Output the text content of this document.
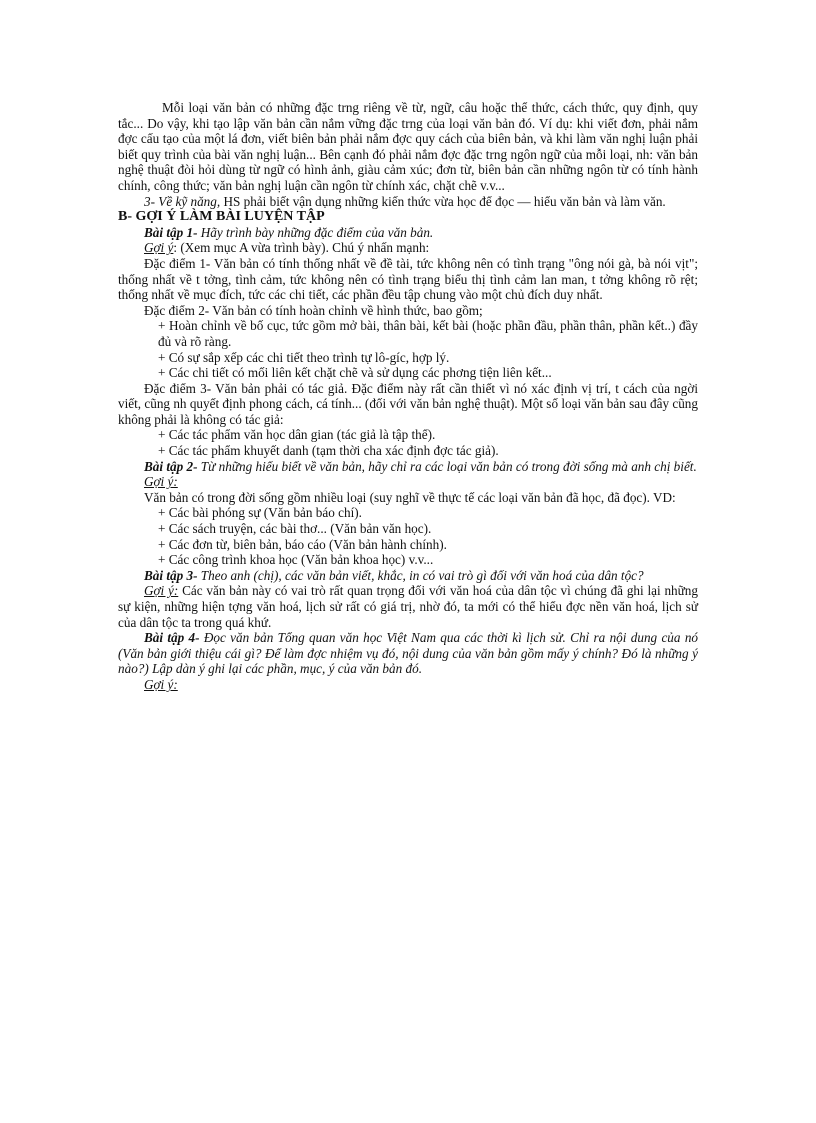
Mỗi loại văn bản có những đặc trng riêng về từ, ngữ, câu hoặc thể thức, cách thức, quy định, quy tắc... Do vậy, khi tạo lập văn bản cần nắm vững đặc trng của loại văn bản đó. Ví dụ: khi viết đơn, phải nắm đợc cấu tạo của một lá đơn, viết biên bản phải nắm đợc quy cách của biên bản, và khi làm văn nghị luận phải biết quy trình của bài văn nghị luận... Bên cạnh đó phải nắm đợc đặc trng ngôn ngữ của mỗi loại, nh: văn bản nghệ thuật đòi hỏi dùng từ ngữ có hình ảnh, giàu cảm xúc; đơn từ, biên bản cần những ngôn từ có tính hành chính, công thức; văn bản nghị luận cần ngôn từ chính xác, chặt chẽ v.v...

3- Về kỹ năng, HS phải biết vận dụng những kiến thức vừa học để đọc — hiểu văn bản và làm văn.

B- GỢI Ý LÀM BÀI LUYỆN TẬP

Bài tập 1- Hãy trình bày những đặc điểm của văn bản.

Gợi ý: (Xem mục A vừa trình bày). Chú ý nhấn mạnh:

Đặc điểm 1- Văn bản có tính thống nhất về đề tài, tức không nên có tình trạng "ông nói gà, bà nói vịt"; thống nhất về t tởng, tình cảm, tức không nên có tình trạng biểu thị tình cảm lan man, t tởng không rõ rệt; thống nhất về mục đích, tức các chi tiết, các phần đều tập chung vào một chủ đích duy nhất.

Đặc điểm 2- Văn bản có tính hoàn chỉnh về hình thức, bao gồm;

+ Hoàn chỉnh về bố cục, tức gồm mở bài, thân bài, kết bài (hoặc phần đầu, phần thân, phần kết..) đầy đủ và rõ ràng.

+ Có sự sắp xếp các chi tiết theo trình tự lô-gíc, hợp lý.

+ Các chi tiết có mối liên kết chặt chẽ và sử dụng các phơng tiện liên kết...

Đặc điểm 3- Văn bản phải có tác giả. Đặc điểm này rất cần thiết vì nó xác định vị trí, t cách của ngời viết, cũng nh quyết định phong cách, cá tính... (đối với văn bản nghệ thuật). Một số loại văn bản sau đây cũng không phải là không có tác giả:

+ Các tác phẩm văn học dân gian (tác giả là tập thể).

+ Các tác phẩm khuyết danh (tạm thời cha xác định đợc tác giả).

Bài tập 2- Từ những hiểu biết về văn bản, hãy chỉ ra các loại văn bản có trong đời sống mà anh chị biết.

Gợi ý:

Văn bản có trong đời sống gồm nhiều loại (suy nghĩ về thực tế các loại văn bản đã học, đã đọc). VD:

+ Các bài phóng sự (Văn bản báo chí).

+ Các sách truyện, các bài thơ... (Văn bản văn học).

+ Các đơn từ, biên bản, báo cáo (Văn bản hành chính).

+ Các công trình khoa học (Văn bản khoa học) v.v...

Bài tập 3- Theo anh (chị), các văn bản viết, khắc, in có vai trò gì đối với văn hoá của dân tộc?

Gợi ý: Các văn bản này có vai trò rất quan trọng đối với văn hoá của dân tộc vì chúng đã ghi lại những sự kiện, những hiện tợng văn hoá, lịch sử rất có giá trị, nhờ đó, ta mới có thể hiểu đợc nền văn hoá, lịch sử của dân tộc ta trong quá khứ.

Bài tập 4- Đọc văn bản Tổng quan văn học Việt Nam qua các thời kì lịch sử. Chỉ ra nội dung của nó (Văn bản giới thiệu cái gì? Để làm đợc nhiệm vụ đó, nội dung của văn bản gồm mấy ý chính? Đó là những ý nào?) Lập dàn ý ghi lại các phần, mục, ý của văn bản đó.

Gợi ý:
